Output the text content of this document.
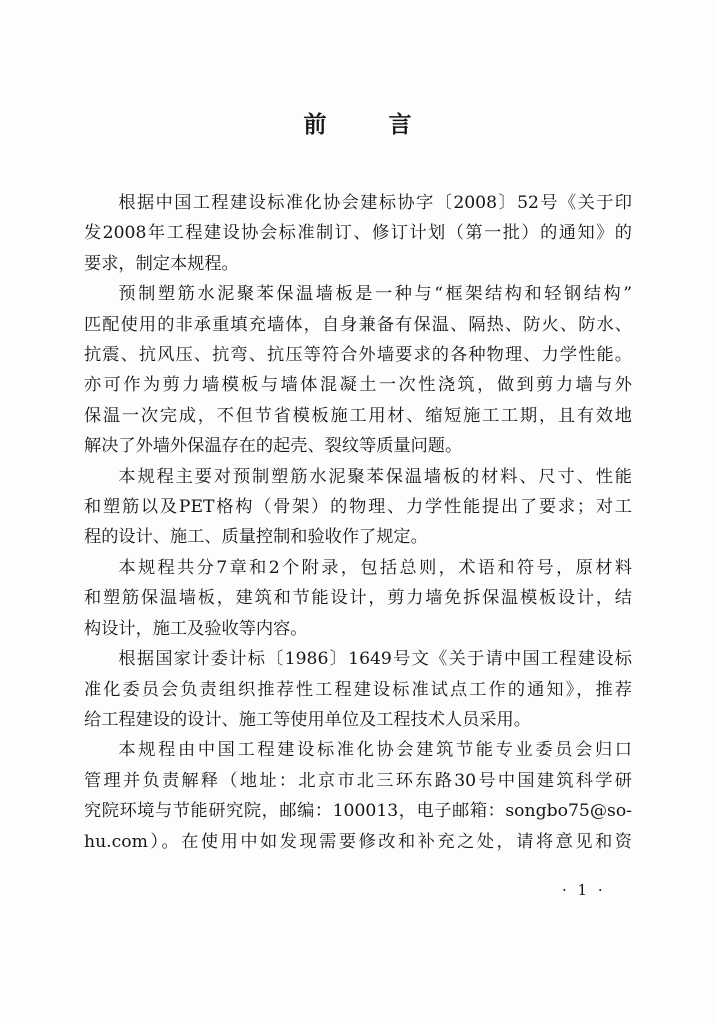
前	言

根据中国工程建设标准化协会建标协字〔2008〕52号《关于印
发2008年工程建设协会标准制订、修订计划（第一批）的通知》的
要求，制定本规程。

预制塑筋水泥聚苯保温墙板是一种与“框架结构和轻钢结构”
匹配使用的非承重填充墙体，自身兼备有保温、隔热、防火、防水、
抗震、抗风压、抗弯、抗压等符合外墙要求的各种物理、力学性能。
亦可作为剪力墙模板与墙体混凝土一次性浇筑，做到剪力墙与外
保温一次完成，不但节省模板施工用材、缩短施工工期，且有效地
解决了外墙外保温存在的起壳、裂纹等质量问题。

本规程主要对预制塑筋水泥聚苯保温墙板的材料、尺寸、性能
和塑筋以及PET格构（骨架）的物理、力学性能提出了要求；对工
程的设计、施工、质量控制和验收作了规定。

本规程共分7章和2个附录，包括总则，术语和符号，原材料
和塑筋保温墙板，建筑和节能设计，剪力墙免拆保温模板设计，结
构设计，施工及验收等内容。

根据国家计委计标〔1986〕1649号文《关于请中国工程建设标
准化委员会负责组织推荐性工程建设标准试点工作的通知》，推荐
给工程建设的设计、施工等使用单位及工程技术人员采用。

本规程由中国工程建设标准化协会建筑节能专业委员会归口
管理并负责解释（地址：北京市北三环东路30号中国建筑科学研
究院环境与节能研究院，邮编：100013，电子邮箱：songbo75@so-
hu.com）。在使用中如发现需要修改和补充之处，请将意见和资

· 1 ·
